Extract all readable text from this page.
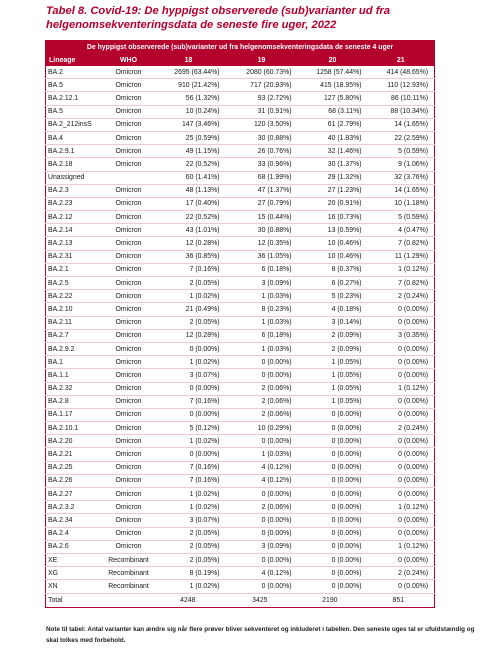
Tabel 8. Covid-19: De hyppigst observerede (sub)varianter ud fra helgenomsekventeringsdata de seneste fire uger, 2022
De hyppigst observerede (sub)varianter ud fra helgenomsekventeringsdata de seneste 4 uger					
Lineage	WHO	18	19	20	21
BA.2	Omicron	2695 (63.44%)	2080 (60.73%)	1258 (57.44%)	414 (48.65%)
BA.5	Omicron	910 (21.42%)	717 (20.93%)	415 (18.95%)	110 (12.93%)
BA.2.12.1	Omicron	56 (1.32%)	93 (2.72%)	127 (5.80%)	86 (10.11%)
BA.5	Omicron	10 (0.24%)	31 (0.91%)	68 (3.11%)	88 (10.34%)
BA.2_212insS	Omicron	147 (3.46%)	120 (3.50%)	61 (2.79%)	14 (1.65%)
BA.4	Omicron	25 (0.59%)	30 (0.88%)	40 (1.83%)	22 (2.59%)
BA.2.9.1	Omicron	49 (1.15%)	26 (0.76%)	32 (1.46%)	5 (0.59%)
BA.2.18	Omicron	22 (0.52%)	33 (0.96%)	30 (1.37%)	9 (1.06%)
Unassigned		60 (1.41%)	68 (1.99%)	29 (1.32%)	32 (3.76%)
BA.2.3	Omicron	48 (1.13%)	47 (1.37%)	27 (1.23%)	14 (1.65%)
BA.2.23	Omicron	17 (0.40%)	27 (0.79%)	20 (0.91%)	10 (1.18%)
BA.2.12	Omicron	22 (0.52%)	15 (0.44%)	16 (0.73%)	5 (0.59%)
BA.2.14	Omicron	43 (1.01%)	30 (0.88%)	13 (0.59%)	4 (0.47%)
BA.2.13	Omicron	12 (0.28%)	12 (0.35%)	10 (0.46%)	7 (0.82%)
BA.2.31	Omicron	36 (0.85%)	36 (1.05%)	10 (0.46%)	11 (1.29%)
BA.2.1	Omicron	7 (0.16%)	6 (0.18%)	8 (0.37%)	1 (0.12%)
BA.2.5	Omicron	2 (0.05%)	3 (0.09%)	6 (0.27%)	7 (0.82%)
BA.2.22	Omicron	1 (0.02%)	1 (0.03%)	5 (0.23%)	2 (0.24%)
BA.2.10	Omicron	21 (0.49%)	8 (0.23%)	4 (0.18%)	0 (0.00%)
BA.2.11	Omicron	2 (0.05%)	1 (0.03%)	3 (0.14%)	0 (0.00%)
BA.2.7	Omicron	12 (0.28%)	6 (0.18%)	2 (0.09%)	3 (0.35%)
BA.2.9.2	Omicron	0 (0.00%)	1 (0.03%)	2 (0.09%)	0 (0.00%)
BA.1	Omicron	1 (0.02%)	0 (0.00%)	1 (0.05%)	0 (0.00%)
BA.1.1	Omicron	3 (0.07%)	0 (0.00%)	1 (0.05%)	0 (0.00%)
BA.2.32	Omicron	0 (0.00%)	2 (0.06%)	1 (0.05%)	1 (0.12%)
BA.2.8	Omicron	7 (0.16%)	2 (0.06%)	1 (0.05%)	0 (0.00%)
BA.1.17	Omicron	0 (0.00%)	2 (0.06%)	0 (0.00%)	0 (0.00%)
BA.2.10.1	Omicron	5 (0.12%)	10 (0.29%)	0 (0.00%)	2 (0.24%)
BA.2.20	Omicron	1 (0.02%)	0 (0.00%)	0 (0.00%)	0 (0.00%)
BA.2.21	Omicron	0 (0.00%)	1 (0.03%)	0 (0.00%)	0 (0.00%)
BA.2.25	Omicron	7 (0.16%)	4 (0.12%)	0 (0.00%)	0 (0.00%)
BA.2.26	Omicron	7 (0.16%)	4 (0.12%)	0 (0.00%)	0 (0.00%)
BA.2.27	Omicron	1 (0.02%)	0 (0.00%)	0 (0.00%)	0 (0.00%)
BA.2.3.2	Omicron	1 (0.02%)	2 (0.06%)	0 (0.00%)	1 (0.12%)
BA.2.34	Omicron	3 (0.07%)	0 (0.00%)	0 (0.00%)	0 (0.00%)
BA.2.4	Omicron	2 (0.05%)	0 (0.00%)	0 (0.00%)	0 (0.00%)
BA.2.6	Omicron	2 (0.05%)	3 (0.09%)	0 (0.00%)	1 (0.12%)
XE	Recombinant	2 (0.05%)	0 (0.00%)	0 (0.00%)	0 (0.00%)
XG	Recombinant	8 (0.19%)	4 (0.12%)	0 (0.00%)	2 (0.24%)
XN	Recombinant	1 (0.02%)	0 (0.00%)	0 (0.00%)	0 (0.00%)
Total		4248	3425	2190	851
Note til tabel: Antal varianter kan ændre sig når flere prøver bliver sekventeret og inkluderet i tabellen. Den seneste uges tal er ufuldstændig og skal tolkes med forbehold.
